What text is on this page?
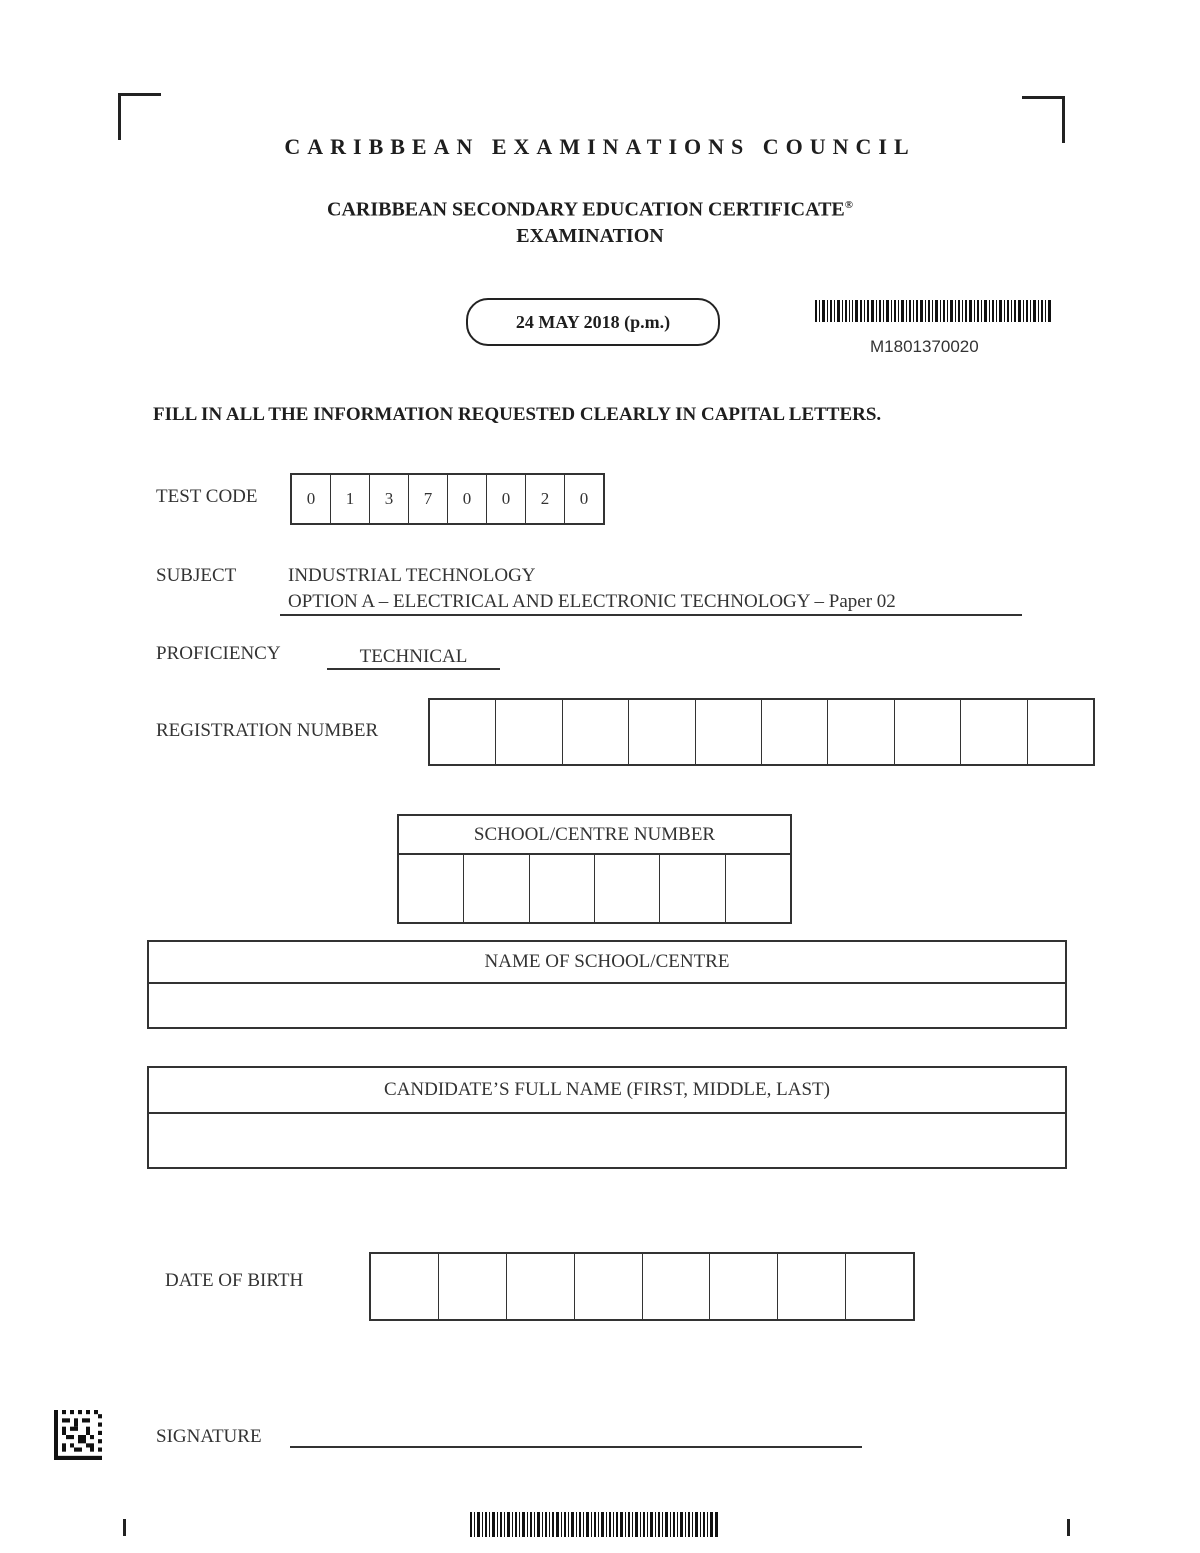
CARIBBEAN EXAMINATIONS COUNCIL
CARIBBEAN SECONDARY EDUCATION CERTIFICATE®
EXAMINATION
24 MAY 2018 (p.m.)
M1801370020
FILL IN ALL THE INFORMATION REQUESTED CLEARLY IN CAPITAL LETTERS.
TEST CODE	0	1	3	7	0	0	2	0
SUBJECT	INDUSTRIAL TECHNOLOGY
OPTION A – ELECTRICAL AND ELECTRONIC TECHNOLOGY – Paper 02
PROFICIENCY	TECHNICAL
REGISTRATION NUMBER
SCHOOL/CENTRE NUMBER
NAME OF SCHOOL/CENTRE
CANDIDATE’S FULL NAME (FIRST, MIDDLE, LAST)
DATE OF BIRTH
SIGNATURE
